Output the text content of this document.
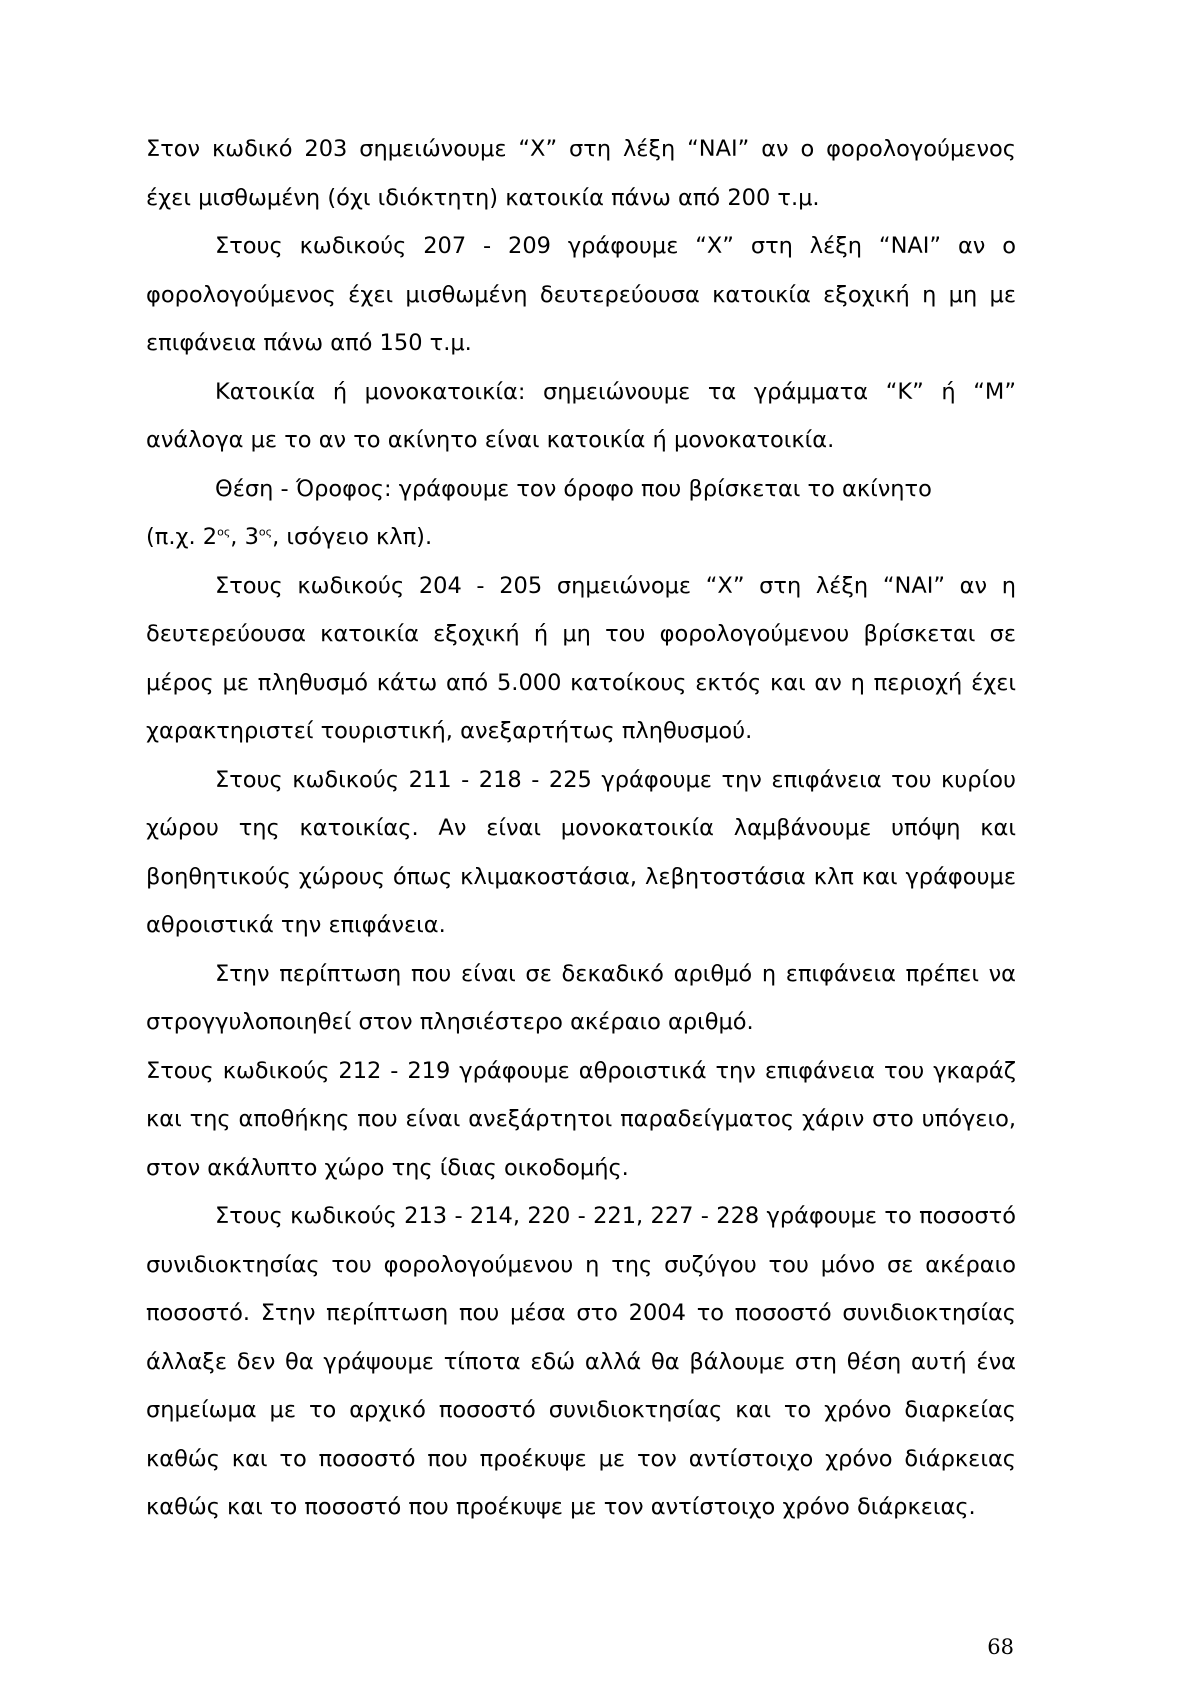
Στον κωδικό 203 σημειώνουμε “Χ” στη λέξη “ΝΑΙ” αν ο φορολογούμενος έχει μισθωμένη (όχι ιδιόκτητη) κατοικία πάνω από 200 τ.μ.

Στους κωδικούς 207 - 209 γράφουμε “Χ” στη λέξη “ΝΑΙ” αν ο φορολογούμενος έχει μισθωμένη δευτερεύουσα κατοικία εξοχική η μη με επιφάνεια πάνω από 150 τ.μ.

Κατοικία ή μονοκατοικία: σημειώνουμε τα γράμματα “Κ” ή “Μ” ανάλογα με το αν το ακίνητο είναι κατοικία ή μονοκατοικία.

Θέση - Όροφος: γράφουμε τον όροφο που βρίσκεται το ακίνητο
(π.χ. $2^{o\varsigma}$, $3^{o\varsigma}$, ισόγειο κλπ).

Στους κωδικούς 204 - 205 σημειώνομε “Χ” στη λέξη “ΝΑΙ” αν η δευτερεύουσα κατοικία εξοχική ή μη του φορολογούμενου βρίσκεται σε μέρος με πληθυσμό κάτω από 5.000 κατοίκους εκτός και αν η περιοχή έχει χαρακτηριστεί τουριστική, ανεξαρτήτως πληθυσμού.

Στους κωδικούς 211 - 218 - 225 γράφουμε την επιφάνεια του κυρίου χώρου της κατοικίας. Αν είναι μονοκατοικία λαμβάνουμε υπόψη και βοηθητικούς χώρους όπως κλιμακοστάσια, λεβητοστάσια κλπ και γράφουμε αθροιστικά την επιφάνεια.

Στην περίπτωση που είναι σε δεκαδικό αριθμό η επιφάνεια πρέπει να στρογγυλοποιηθεί στον πλησιέστερο ακέραιο αριθμό.

Στους κωδικούς 212 - 219 γράφουμε αθροιστικά την επιφάνεια του γκαράζ και της αποθήκης που είναι ανεξάρτητοι παραδείγματος χάριν στο υπόγειο, στον ακάλυπτο χώρο της ίδιας οικοδομής.

Στους κωδικούς 213 - 214, 220 - 221, 227 - 228 γράφουμε το ποσοστό συνιδιοκτησίας του φορολογούμενου η της συζύγου του μόνο σε ακέραιο ποσοστό. Στην περίπτωση που μέσα στο 2004 το ποσοστό συνιδιοκτησίας άλλαξε δεν θα γράψουμε τίποτα εδώ αλλά θα βάλουμε στη θέση αυτή ένα σημείωμα με το αρχικό ποσοστό συνιδιοκτησίας και το χρόνο διαρκείας καθώς και το ποσοστό που προέκυψε με τον αντίστοιχο χρόνο διάρκειας καθώς και το ποσοστό που προέκυψε με τον αντίστοιχο χρόνο διάρκειας.

68
